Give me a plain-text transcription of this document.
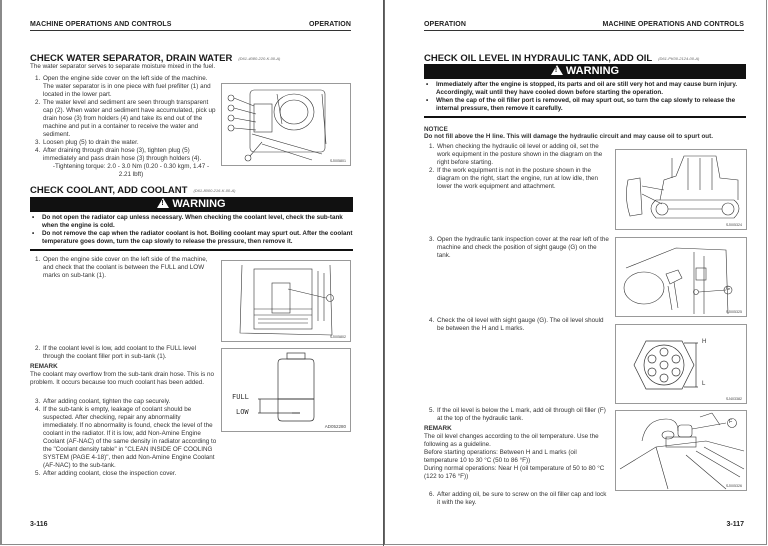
MACHINE OPERATIONS AND CONTROLS	OPERATION
CHECK WATER SEPARATOR, DRAIN WATER (D61-4080-220-K-00-A)
The water separator serves to separate moisture mixed in the fuel.
1. Open the engine side cover on the left side of the machine. The water separator is in one piece with fuel prefilter (1) and located in the lower part.
2. The water level and sediment are seen through transparent cap (2). When water and sediment have accumulated, pick up drain hose (3) from holders (4) and take its end out of the machine and put in a container to receive the water and sediment.
3. Loosen plug (5) to drain the water.
4. After draining through drain hose (3), tighten plug (5) immediately and pass drain hose (3) through holders (4).
-Tightening torque: 2.0 - 3.0 Nm (0.20 - 0.30 kgm, 1.47 - 2.21 lbft)
SJ005801
CHECK COOLANT, ADD COOLANT (D61-8000-216-K-00-A)
!WARNING
• Do not open the radiator cap unless necessary. When checking the coolant level, check the sub-tank when the engine is cold.
• Do not remove the cap when the radiator coolant is hot. Boiling coolant may spurt out. After the coolant temperature goes down, turn the cap slowly to release the pressure, then remove it.
1. Open the engine side cover on the left side of the machine, and check that the coolant is between the FULL and LOW marks on sub-tank (1).
SJ005802
2. If the coolant level is low, add coolant to the FULL level through the coolant filler port in sub-tank (1).
REMARK
The coolant may overflow from the sub-tank drain hose. This is no problem. It occurs because too much coolant has been added.
3. After adding coolant, tighten the cap securely.
4. If the sub-tank is empty, leakage of coolant should be suspected. After checking, repair any abnormality immediately. If no abnormality is found, check the level of the coolant in the radiator. If it is low, add Non-Amine Engine Coolant (AF-NAC) of the same density in radiator according to the "Coolant density table" in "CLEAN INSIDE OF COOLING SYSTEM (PAGE 4-18)", then add Non-Amine Engine Coolant (AF-NAC) to the sub-tank.
5. After adding coolant, close the inspection cover.
FULL
LOW
AD052280
3-116
OPERATION	MACHINE OPERATIONS AND CONTROLS
CHECK OIL LEVEL IN HYDRAULIC TANK, ADD OIL (D61-PK00-2124-00-A)
!WARNING
• Immediately after the engine is stopped, its parts and oil are still very hot and may cause burn injury. Accordingly, wait until they have cooled down before starting the operation.
• When the cap of the oil filler port is removed, oil may spurt out, so turn the cap slowly to release the internal pressure, then remove it carefully.
NOTICE
Do not fill above the H line. This will damage the hydraulic circuit and may cause oil to spurt out.
1. When checking the hydraulic oil level or adding oil, set the work equipment in the posture shown in the diagram on the right before starting.
2. If the work equipment is not in the posture shown in the diagram on the right, start the engine, run at low idle, then lower the work equipment and attachment.
SJ005324
3. Open the hydraulic tank inspection cover at the rear left of the machine and check the position of sight gauge (G) on the tank.
G
SJ005325
4. Check the oil level with sight gauge (G). The oil level should be between the H and L marks.
H
L
SJ403382
5. If the oil level is below the L mark, add oil through oil filler (F) at the top of the hydraulic tank.
REMARK
The oil level changes according to the oil temperature. Use the following as a guideline.
Before starting operations: Between H and L marks (oil temperature 10 to 30 °C (50 to 86 °F))
During normal operations: Near H (oil temperature of 50 to 80 °C (122 to 176 °F))
6. After adding oil, be sure to screw on the oil filler cap and lock it with the key.
F
SJ005326
3-117
